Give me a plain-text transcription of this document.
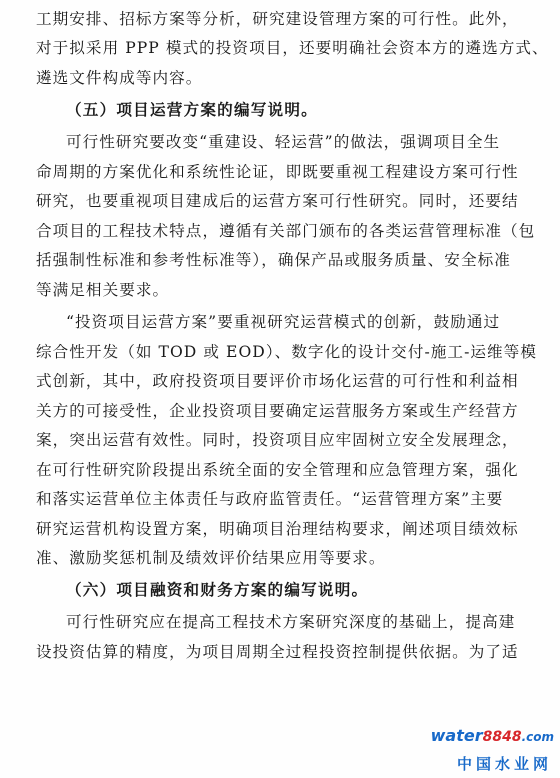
工期安排、招标方案等分析，研究建设管理方案的可行性。此外，
对于拟采用 PPP 模式的投资项目，还要明确社会资本方的遴选方式、
遴选文件构成等内容。
（五）项目运营方案的编写说明。
可行性研究要改变“重建设、轻运营”的做法，强调项目全生
命周期的方案优化和系统性论证，即既要重视工程建设方案可行性
研究，也要重视项目建成后的运营方案可行性研究。同时，还要结
合项目的工程技术特点，遵循有关部门颁布的各类运营管理标准（包
括强制性标准和参考性标准等），确保产品或服务质量、安全标准
等满足相关要求。
“投资项目运营方案”要重视研究运营模式的创新，鼓励通过
综合性开发（如 TOD 或 EOD）、数字化的设计交付-施工-运维等模
式创新，其中，政府投资项目要评价市场化运营的可行性和利益相
关方的可接受性，企业投资项目要确定运营服务方案或生产经营方
案，突出运营有效性。同时，投资项目应牢固树立安全发展理念，
在可行性研究阶段提出系统全面的安全管理和应急管理方案，强化
和落实运营单位主体责任与政府监管责任。“运营管理方案”主要
研究运营机构设置方案，明确项目治理结构要求，阐述项目绩效标
准、激励奖惩机制及绩效评价结果应用等要求。
（六）项目融资和财务方案的编写说明。
可行性研究应在提高工程技术方案研究深度的基础上，提高建
设投资估算的精度，为项目周期全过程投资控制提供依据。为了适
water8848.com
中国水业网
